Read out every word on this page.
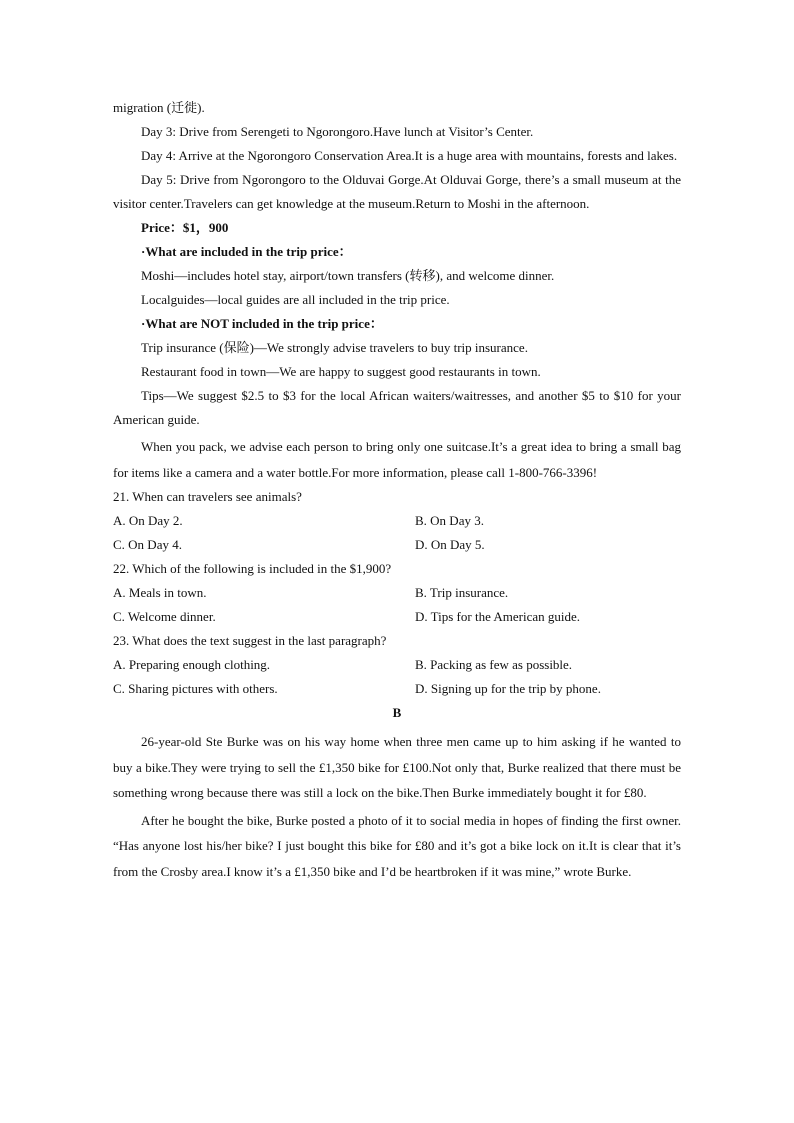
migration (迁徙).

Day 3: Drive from Serengeti to Ngorongoro.Have lunch at Visitor’s Center.

Day 4: Arrive at the Ngorongoro Conservation Area.It is a huge area with mountains, forests and lakes.

Day 5: Drive from Ngorongoro to the Olduvai Gorge.At Olduvai Gorge, there’s a small museum at the visitor center.Travelers can get knowledge at the museum.Return to Moshi in the afternoon.

Price：$1，900

·What are included in the trip price：

Moshi—includes hotel stay, airport/town transfers (转移), and welcome dinner.

Localguides—local guides are all included in the trip price.

·What are NOT included in the trip price：

Trip insurance (保险)—We strongly advise travelers to buy trip insurance.

Restaurant food in town—We are happy to suggest good restaurants in town.

Tips—We suggest $2.5 to $3 for the local African waiters/waitresses, and another $5 to $10 for your American guide.

When you pack, we advise each person to bring only one suitcase.It’s a great idea to bring a small bag for items like a camera and a water bottle.For more information, please call 1-800-766-3396!

21. When can travelers see animals?

A. On Day 2.	B. On Day 3.

C. On Day 4.	D. On Day 5.

22. Which of the following is included in the $1,900?

A. Meals in town.	B. Trip insurance.

C. Welcome dinner.	D. Tips for the American guide.

23. What does the text suggest in the last paragraph?

A. Preparing enough clothing.	B. Packing as few as possible.

C. Sharing pictures with others.	D. Signing up for the trip by phone.

B

26-year-old Ste Burke was on his way home when three men came up to him asking if he wanted to buy a bike.They were trying to sell the £1,350 bike for £100.Not only that, Burke realized that there must be something wrong because there was still a lock on the bike.Then Burke immediately bought it for £80.

After he bought the bike, Burke posted a photo of it to social media in hopes of finding the first owner. “Has anyone lost his/her bike? I just bought this bike for £80 and it’s got a bike lock on it.It is clear that it’s from the Crosby area.I know it’s a £1,350 bike and I’d be heartbroken if it was mine,” wrote Burke.
